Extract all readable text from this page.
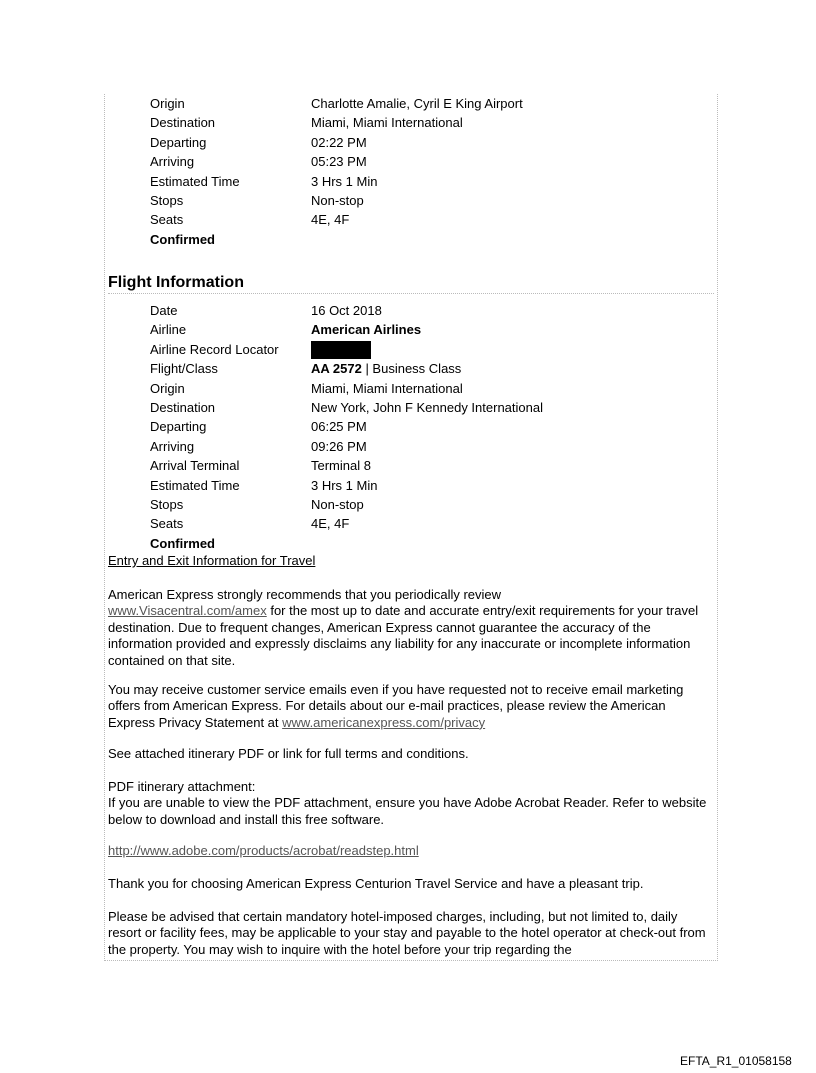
Origin	Charlotte Amalie, Cyril E King Airport
Destination	Miami, Miami International
Departing	02:22 PM
Arriving	05:23 PM
Estimated Time	3 Hrs 1 Min
Stops	Non-stop
Seats	4E, 4F
Confirmed
Flight Information
Date	16 Oct 2018
Airline	American Airlines
Airline Record Locator
Flight/Class	AA 2572 | Business Class
Origin	Miami, Miami International
Destination	New York, John F Kennedy International
Departing	06:25 PM
Arriving	09:26 PM
Arrival Terminal	Terminal 8
Estimated Time	3 Hrs 1 Min
Stops	Non-stop
Seats	4E, 4F
Confirmed
Entry and Exit Information for Travel
American Express strongly recommends that you periodically review
www.Visacentral.com/amex for the most up to date and accurate entry/exit requirements for your travel destination. Due to frequent changes, American Express cannot guarantee the accuracy of the information provided and expressly disclaims any liability for any inaccurate or incomplete information contained on that site.
You may receive customer service emails even if you have requested not to receive email marketing offers from American Express. For details about our e-mail practices, please review the American Express Privacy Statement at www.americanexpress.com/privacy
See attached itinerary PDF or link for full terms and conditions.
PDF itinerary attachment:
If you are unable to view the PDF attachment, ensure you have Adobe Acrobat Reader. Refer to website below to download and install this free software.
http://www.adobe.com/products/acrobat/readstep.html
Thank you for choosing American Express Centurion Travel Service and have a pleasant trip.
Please be advised that certain mandatory hotel-imposed charges, including, but not limited to, daily resort or facility fees, may be applicable to your stay and payable to the hotel operator at check-out from the property. You may wish to inquire with the hotel before your trip regarding the
EFTA_R1_01058158
